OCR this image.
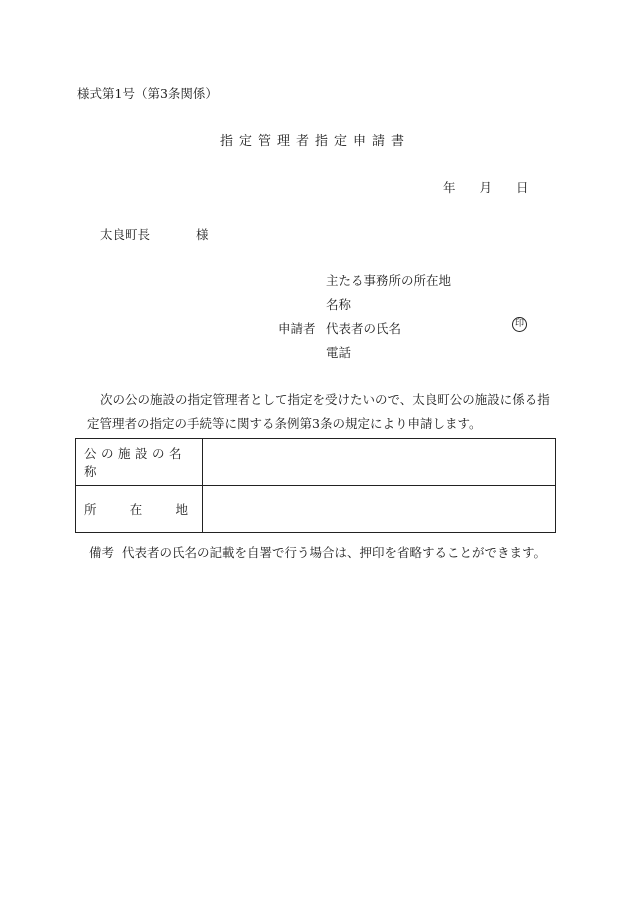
様式第1号（第3条関係）
指定管理者指定申請書
年 月 日
太良町長	様
申請者
主たる事務所の所在地
名称
代表者の氏名
電話
印

次の公の施設の指定管理者として指定を受けたいので、太良町公の施設に係る指定管理者の指定の手続等に関する条例第3条の規定により申請します。

公の施設の名称	

所 在 地	

備考 代表者の氏名の記載を自署で行う場合は、押印を省略することができます。
